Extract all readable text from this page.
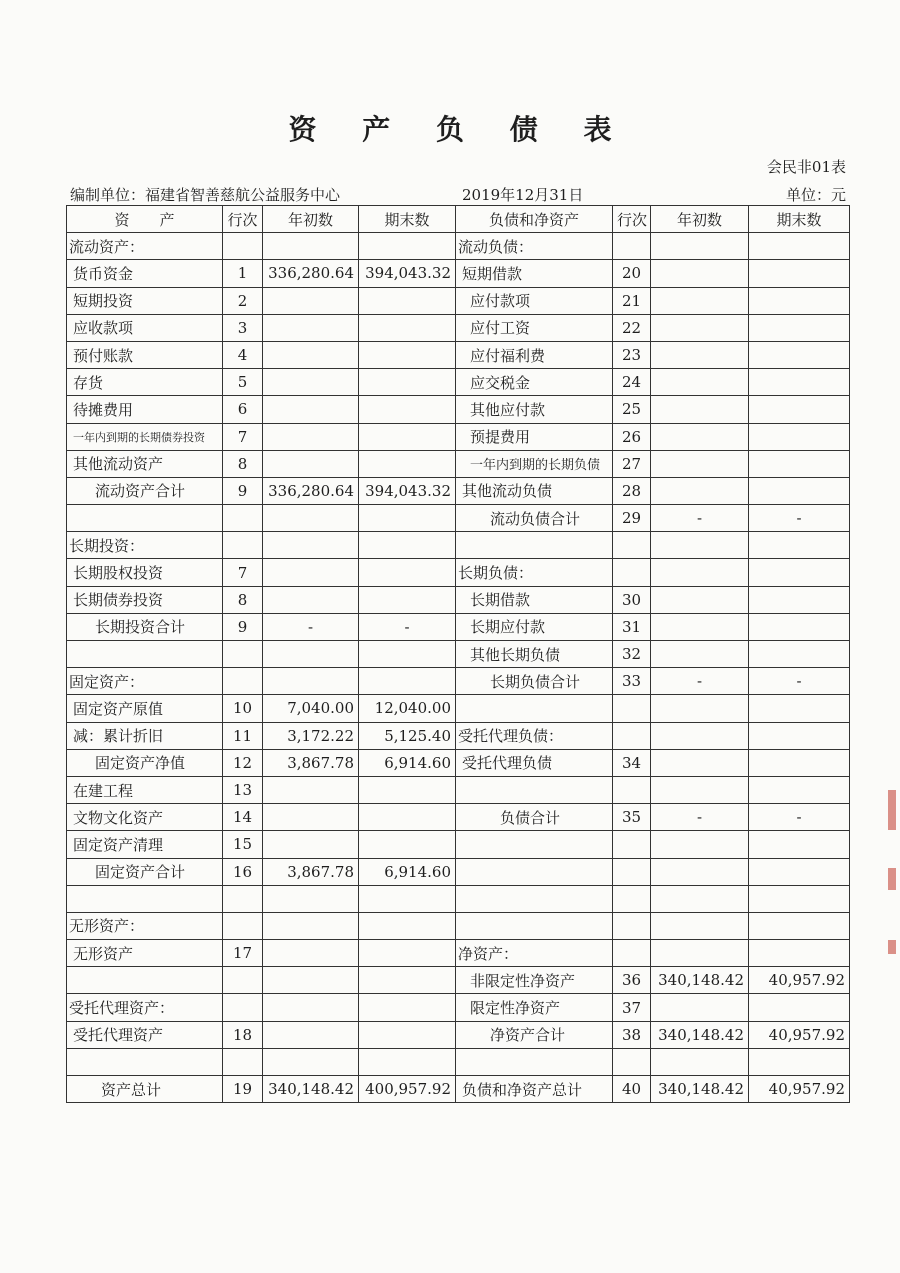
资 产 负 债 表
会民非01表
编制单位：福建省智善慈航公益服务中心	2019年12月31日	单位：元
资　　产	行次	年初数	期末数	负债和净资产	行次	年初数	期末数
流动资产：				流动负债：			
货币资金	1	336,280.64	394,043.32	短期借款	20		
短期投资	2			应付款项	21		
应收款项	3			应付工资	22		
预付账款	4			应付福利费	23		
存货	5			应交税金	24		
待摊费用	6			其他应付款	25		
一年内到期的长期债券投资	7			预提费用	26		
其他流动资产	8			一年内到期的长期负债	27		
流动资产合计	9	336,280.64	394,043.32	其他流动负债	28		
				流动负债合计	29	-	-
长期投资：							
长期股权投资	7			长期负债：			
长期债券投资	8			长期借款	30		
长期投资合计	9	-	-	长期应付款	31		
				其他长期负债	32		
固定资产：				长期负债合计	33	-	-
固定资产原值	10	7,040.00	12,040.00				
减：累计折旧	11	3,172.22	5,125.40	受托代理负债：			
固定资产净值	12	3,867.78	6,914.60	受托代理负债	34		
在建工程	13						
文物文化资产	14			负债合计	35	-	-
固定资产清理	15						
固定资产合计	16	3,867.78	6,914.60				

无形资产：							
无形资产	17			净资产：			
				非限定性净资产	36	340,148.42	40,957.92
受托代理资产：				限定性净资产	37		
受托代理资产	18			净资产合计	38	340,148.42	40,957.92

资产总计	19	340,148.42	400,957.92	负债和净资产总计	40	340,148.42	40,957.92
